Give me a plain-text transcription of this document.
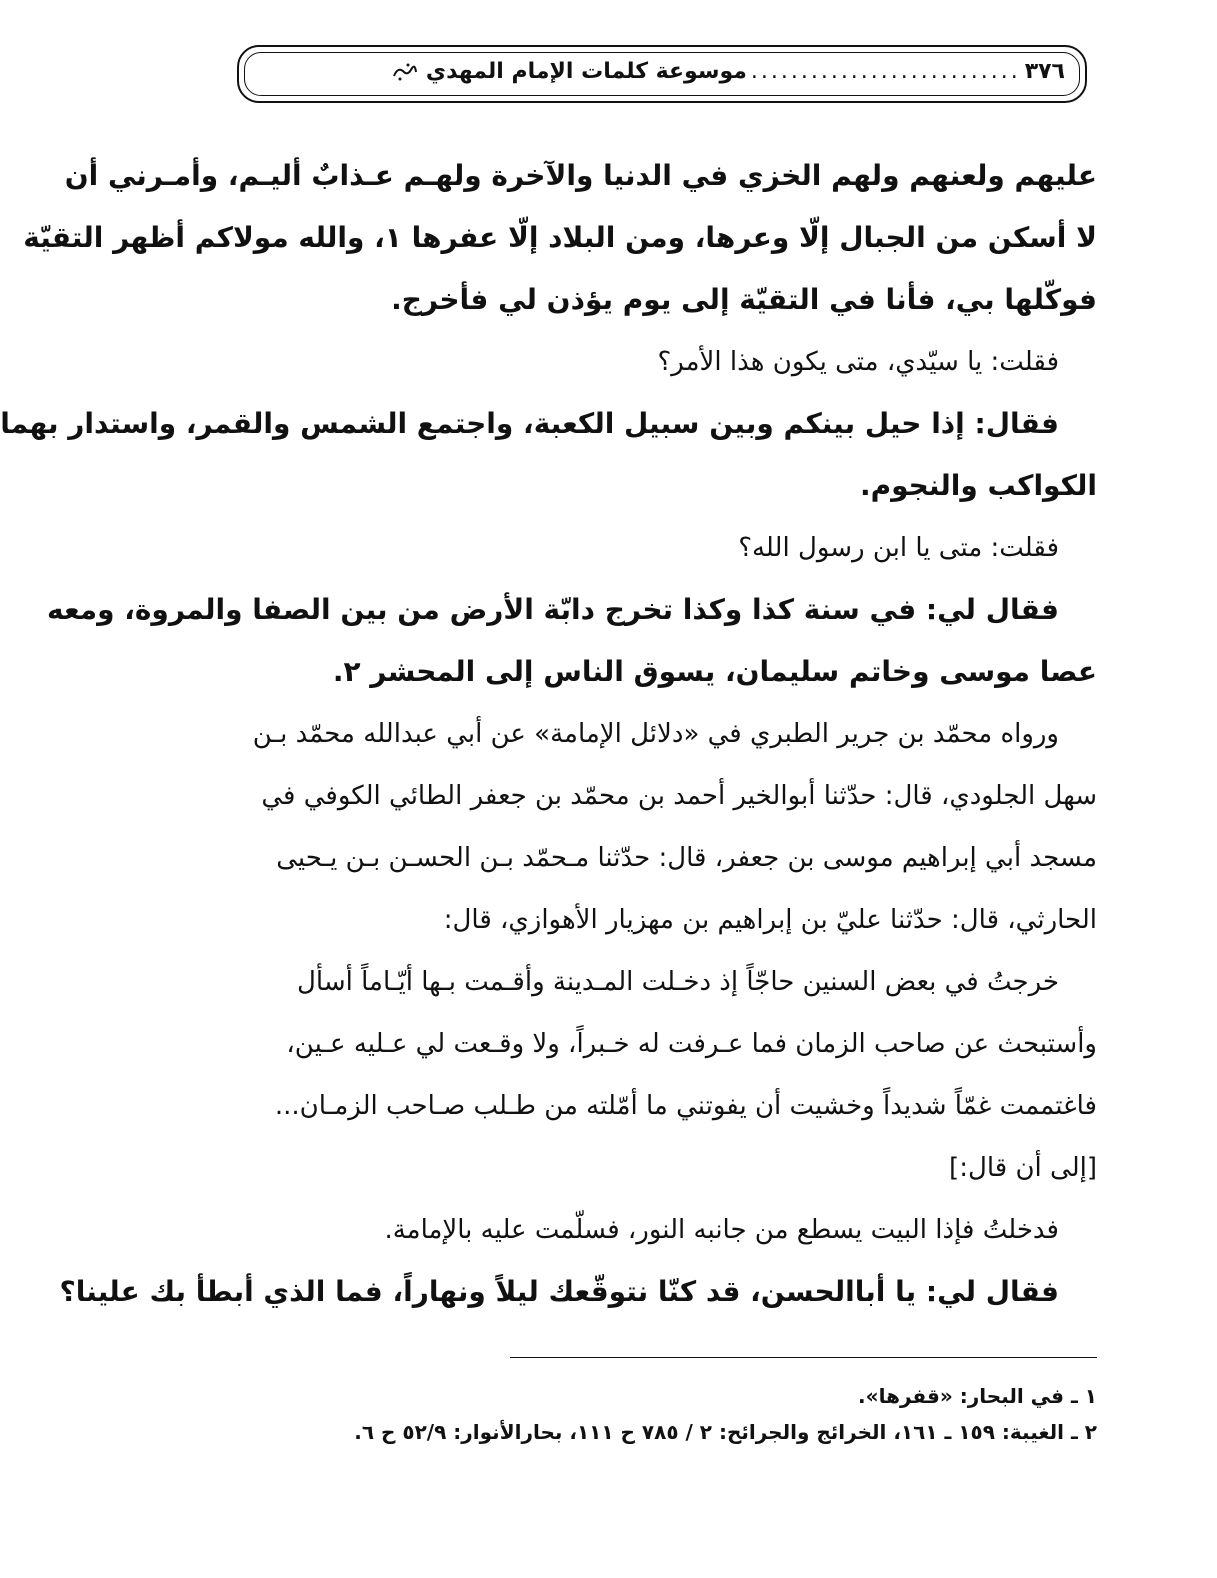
٣٧٦...........................موسوعة كلمات الإمام المهدي
عليهم ولعنهم ولهم الخزي في الدنيا والآخرة ولهـم عـذابٌ أليـم، وأمـرني أن
لا أسكن من الجبال إلّا وعرها، ومن البلاد إلّا عفرها ١، والله مولاكم أظهر التقيّة
فوكّلها بي، فأنا في التقيّة إلى يوم يؤذن لي فأخرج.
فقلت: يا سيّدي، متى يكون هذا الأمر؟
فقال: إذا حيل بينكم وبين سبيل الكعبة، واجتمع الشمس والقمر، واستدار بهما
الكواكب والنجوم.
فقلت: متى يا ابن رسول الله؟
فقال لي: في سنة كذا وكذا تخرج دابّة الأرض من بين الصفا والمروة، ومعه
عصا موسى وخاتم سليمان، يسوق الناس إلى المحشر ٢.
ورواه محمّد بن جرير الطبري في «دلائل الإمامة» عن أبي عبدالله محمّد بـن
سهل الجلودي، قال: حدّثنا أبوالخير أحمد بن محمّد بن جعفر الطائي الكوفي في
مسجد أبي إبراهيم موسى بن جعفر، قال: حدّثنا مـحمّد بـن الحسـن بـن يـحيى
الحارثي، قال: حدّثنا عليّ بن إبراهيم بن مهزيار الأهوازي، قال:
خرجتُ في بعض السنين حاجّاً إذ دخـلت المـدينة وأقـمت بـها أيّـاماً أسأل
وأستبحث عن صاحب الزمان فما عـرفت له خـبراً، ولا وقـعت لي عـليه عـين،
فاغتممت غمّاً شديداً وخشيت أن يفوتني ما أمّلته من طـلب صـاحب الزمـان...
[إلى أن قال:]
فدخلتُ فإذا البيت يسطع من جانبه النور، فسلّمت عليه بالإمامة.
فقال لي: يا أباالحسن، قد كنّا نتوقّعك ليلاً ونهاراً، فما الذي أبطأ بك علينا؟
١ ـ في البحار: «قفرها».
٢ ـ الغيبة: ١٥٩ ـ ١٦١، الخرائج والجرائح: ٢ / ٧٨٥ ح ١١١، بحارالأنوار: ٥٢/٩ ح ٦.
